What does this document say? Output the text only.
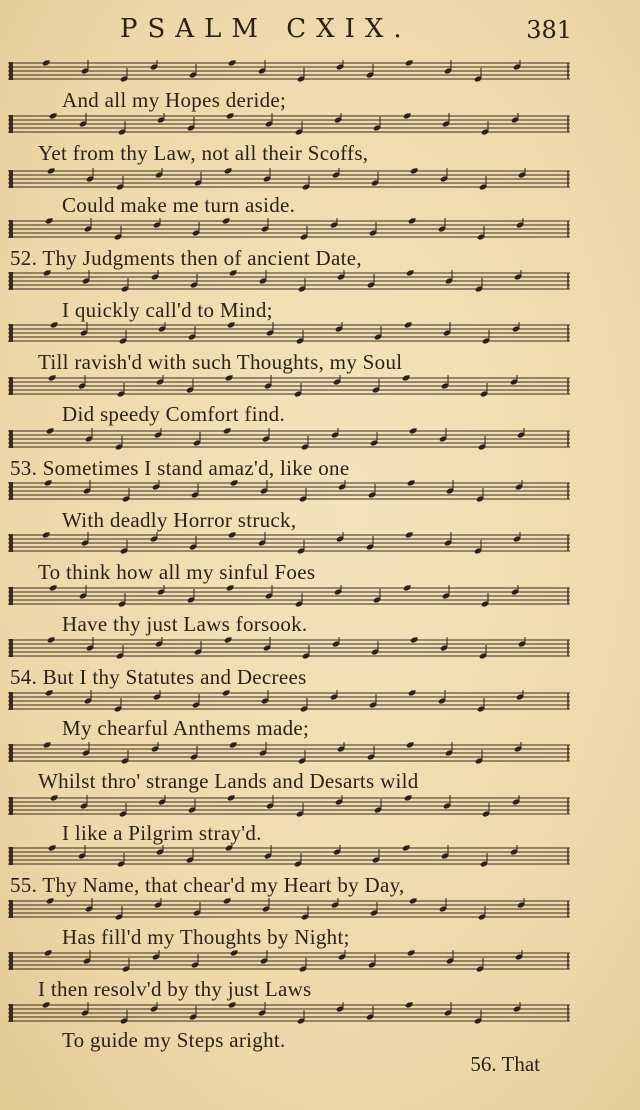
PSALM CXIX.	381
And all my Hopes deride;
Yet from thy Law, not all their Scoffs,
Could make me turn aside.
52. Thy Judgments then of ancient Date,
I quickly call'd to Mind;
Till ravish'd with such Thoughts, my Soul
Did speedy Comfort find.
53. Sometimes I stand amaz'd, like one
With deadly Horror struck,
To think how all my sinful Foes
Have thy just Laws forsook.
54. But I thy Statutes and Decrees
My chearful Anthems made;
Whilst thro' strange Lands and Desarts wild
I like a Pilgrim stray'd.
55. Thy Name, that chear'd my Heart by Day,
Has fill'd my Thoughts by Night;
I then resolv'd by thy just Laws
To guide my Steps aright.
56. That
